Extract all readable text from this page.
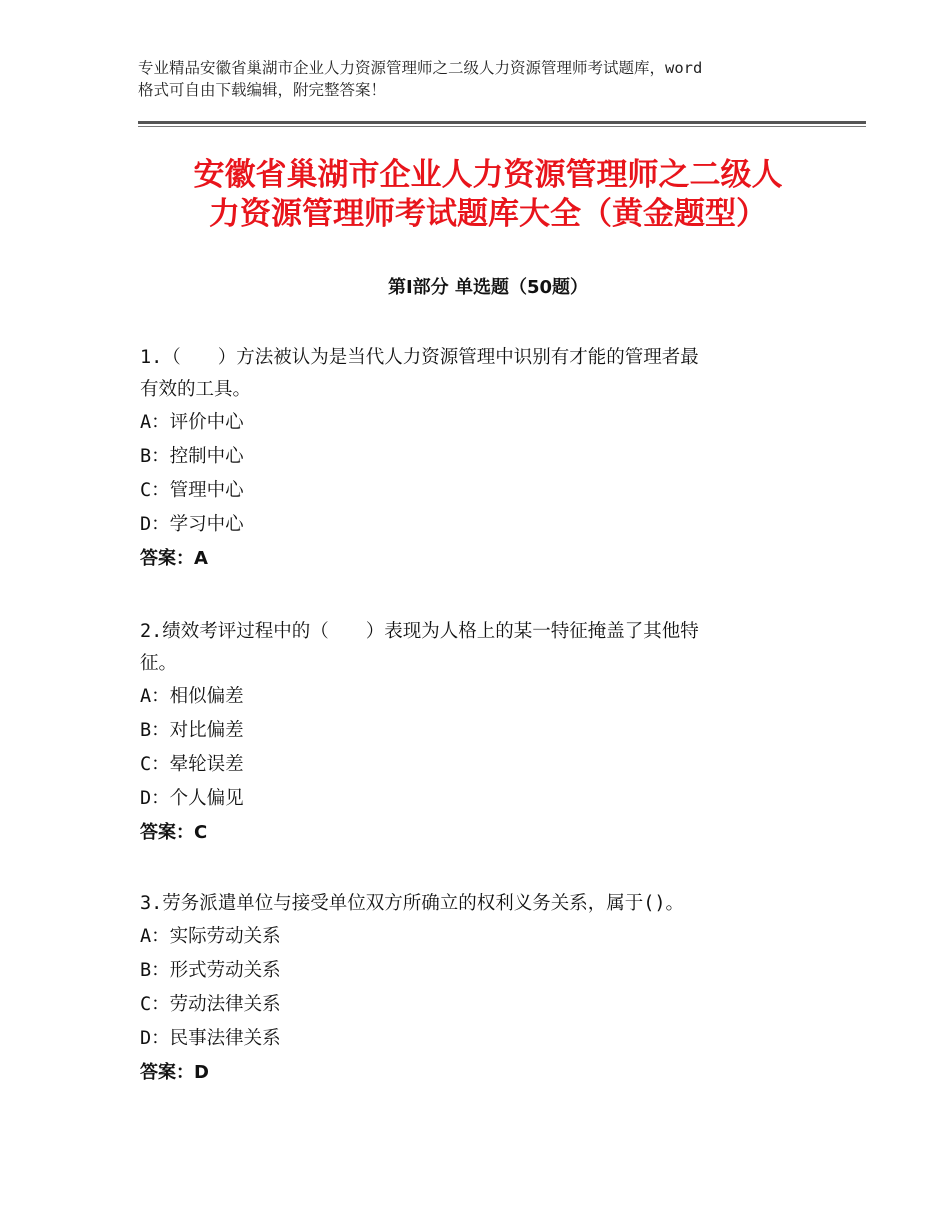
专业精品安徽省巢湖市企业人力资源管理师之二级人力资源管理师考试题库，word
格式可自由下载编辑，附完整答案！
安徽省巢湖市企业人力资源管理师之二级人
力资源管理师考试题库大全（黄金题型）
第Ⅰ部分 单选题（50题）
1.（　　）方法被认为是当代人力资源管理中识别有才能的管理者最
有效的工具。
A：评价中心
B：控制中心
C：管理中心
D：学习中心
答案：A
2.绩效考评过程中的（　　）表现为人格上的某一特征掩盖了其他特
征。
A：相似偏差
B：对比偏差
C：晕轮误差
D：个人偏见
答案：C
3.劳务派遣单位与接受单位双方所确立的权利义务关系，属于()。
A：实际劳动关系
B：形式劳动关系
C：劳动法律关系
D：民事法律关系
答案：D
